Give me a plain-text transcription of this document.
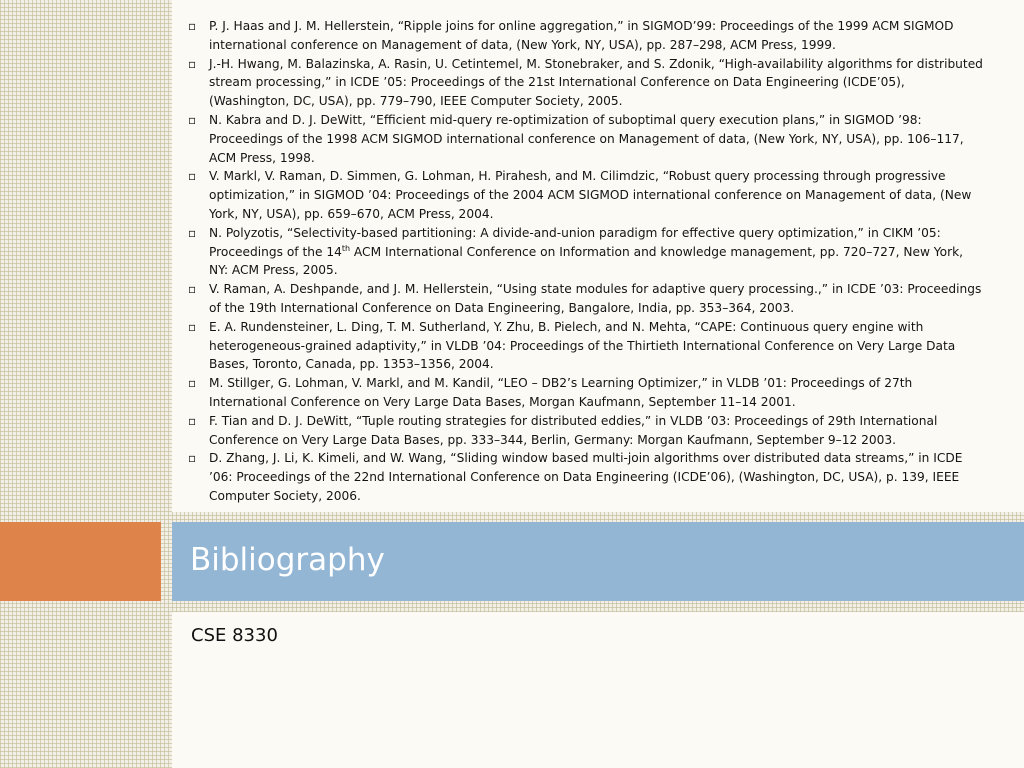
▫ P. J. Haas and J. M. Hellerstein, “Ripple joins for online aggregation,” in SIGMOD’99: Proceedings of the 1999 ACM SIGMOD international conference on Management of data, (New York, NY, USA), pp. 287–298, ACM Press, 1999.
▫ J.-H. Hwang, M. Balazinska, A. Rasin, U. Cetintemel, M. Stonebraker, and S. Zdonik, “High-availability algorithms for distributed stream processing,” in ICDE ’05: Proceedings of the 21st International Conference on Data Engineering (ICDE’05), (Washington, DC, USA), pp. 779–790, IEEE Computer Society, 2005.
▫ N. Kabra and D. J. DeWitt, “Efficient mid-query re-optimization of suboptimal query execution plans,” in SIGMOD ’98: Proceedings of the 1998 ACM SIGMOD international conference on Management of data, (New York, NY, USA), pp. 106–117, ACM Press, 1998.
▫ V. Markl, V. Raman, D. Simmen, G. Lohman, H. Pirahesh, and M. Cilimdzic, “Robust query processing through progressive optimization,” in SIGMOD ’04: Proceedings of the 2004 ACM SIGMOD international conference on Management of data, (New York, NY, USA), pp. 659–670, ACM Press, 2004.
▫ N. Polyzotis, “Selectivity-based partitioning: A divide-and-union paradigm for effective query optimization,” in CIKM ’05: Proceedings of the 14th ACM International Conference on Information and knowledge management, pp. 720–727, New York, NY: ACM Press, 2005.
▫ V. Raman, A. Deshpande, and J. M. Hellerstein, “Using state modules for adaptive query processing.,” in ICDE ’03: Proceedings of the 19th International Conference on Data Engineering, Bangalore, India, pp. 353–364, 2003.
▫ E. A. Rundensteiner, L. Ding, T. M. Sutherland, Y. Zhu, B. Pielech, and N. Mehta, “CAPE: Continuous query engine with heterogeneous-grained adaptivity,” in VLDB ’04: Proceedings of the Thirtieth International Conference on Very Large Data Bases, Toronto, Canada, pp. 1353–1356, 2004.
▫ M. Stillger, G. Lohman, V. Markl, and M. Kandil, “LEO – DB2’s Learning Optimizer,” in VLDB ’01: Proceedings of 27th International Conference on Very Large Data Bases, Morgan Kaufmann, September 11–14 2001.
▫ F. Tian and D. J. DeWitt, “Tuple routing strategies for distributed eddies,” in VLDB ’03: Proceedings of 29th International Conference on Very Large Data Bases, pp. 333–344, Berlin, Germany: Morgan Kaufmann, September 9–12 2003.
▫ D. Zhang, J. Li, K. Kimeli, and W. Wang, “Sliding window based multi-join algorithms over distributed data streams,” in ICDE ’06: Proceedings of the 22nd International Conference on Data Engineering (ICDE’06), (Washington, DC, USA), p. 139, IEEE Computer Society, 2006.
Bibliography
CSE 8330
